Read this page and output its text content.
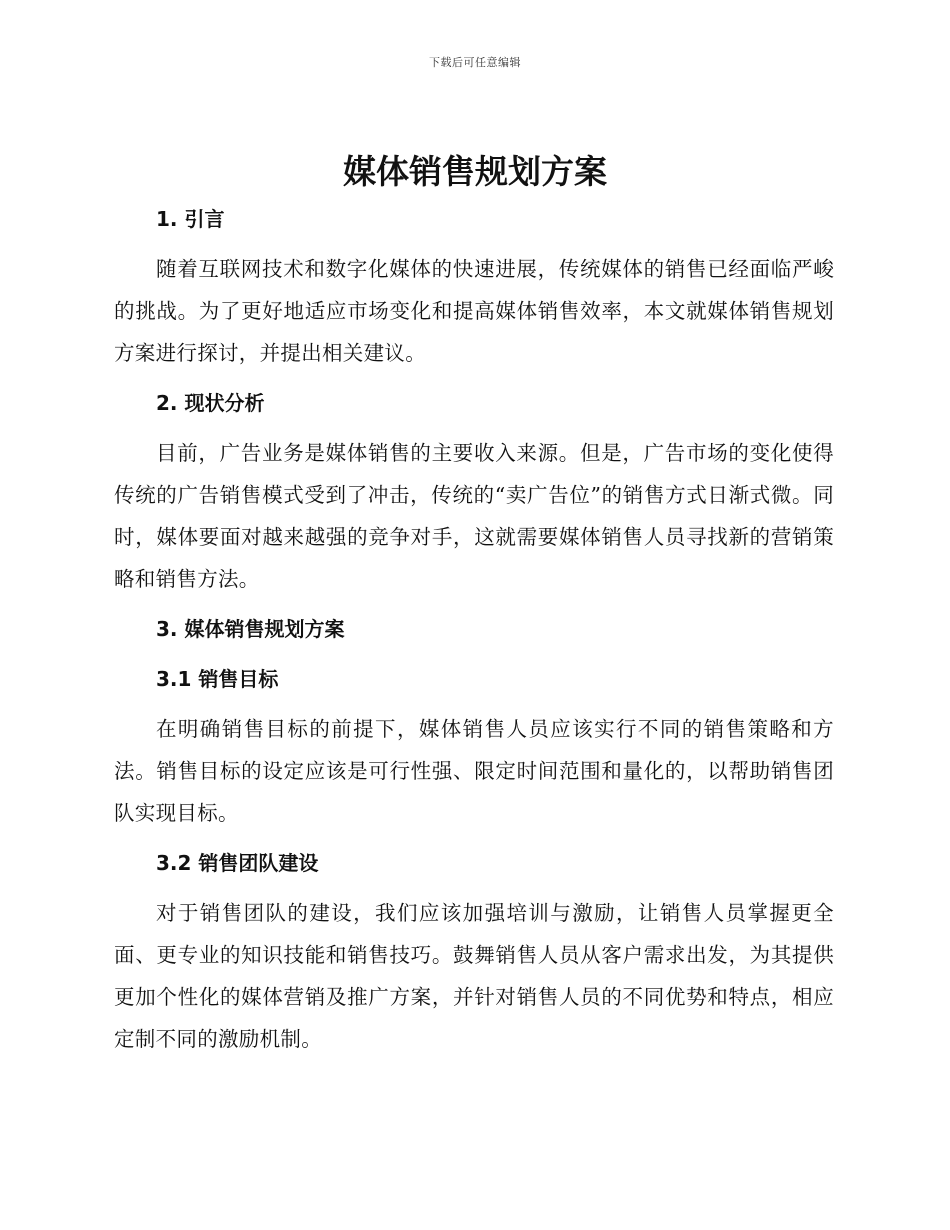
下载后可任意编辑
媒体销售规划方案
1. 引言

随着互联网技术和数字化媒体的快速进展，传统媒体的销售已经面临严峻的挑战。为了更好地适应市场变化和提高媒体销售效率，本文就媒体销售规划方案进行探讨，并提出相关建议。

2. 现状分析

目前，广告业务是媒体销售的主要收入来源。但是，广告市场的变化使得传统的广告销售模式受到了冲击，传统的“卖广告位”的销售方式日渐式微。同时，媒体要面对越来越强的竞争对手，这就需要媒体销售人员寻找新的营销策略和销售方法。

3. 媒体销售规划方案
3.1 销售目标

在明确销售目标的前提下，媒体销售人员应该实行不同的销售策略和方法。销售目标的设定应该是可行性强、限定时间范围和量化的，以帮助销售团队实现目标。

3.2 销售团队建设

对于销售团队的建设，我们应该加强培训与激励，让销售人员掌握更全面、更专业的知识技能和销售技巧。鼓舞销售人员从客户需求出发，为其提供更加个性化的媒体营销及推广方案，并针对销售人员的不同优势和特点，相应定制不同的激励机制。
